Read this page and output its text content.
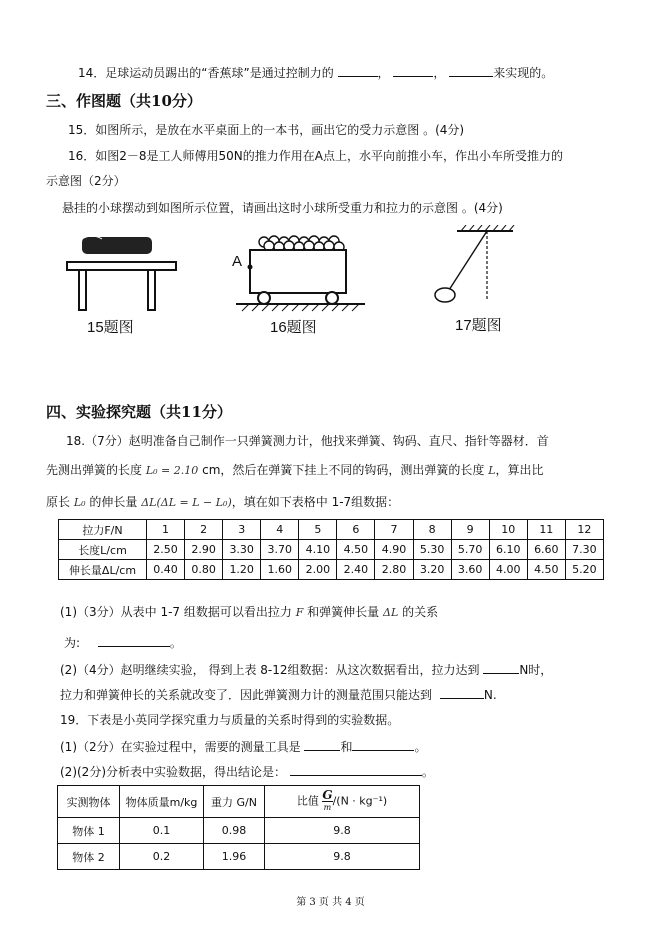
14．足球运动员踢出的“香蕉球”是通过控制力的	，	，	来实现的。
三、作图题（共10分）
15．如图所示，是放在水平桌面上的一本书，画出它的受力示意图 。(4分)
16．如图2－8是工人师傅用50N的推力作用在A点上，水平向前推小车，作出小车所受推力的
示意图（2分）
悬挂的小球摆动到如图所示位置，请画出这时小球所受重力和拉力的示意图 。(4分)
A
15题图	16题图	17题图
四、实验探究题（共11分）
18.（7分）赵明准备自己制作一只弹簧测力计，他找来弹簧、钩码、直尺、指针等器材．首
先测出弹簧的长度 L₀ = 2.10 cm，然后在弹簧下挂上不同的钩码，测出弹簧的长度 L，算出比
原长 L₀ 的伸长量 ΔL(ΔL = L − L₀)，填在如下表格中 1-7组数据：
拉力F/N	1	2	3	4	5	6	7	8	9	10	11	12
长度L/cm	2.50	2.90	3.30	3.70	4.10	4.50	4.90	5.30	5.70	6.10	6.60	7.30
伸长量ΔL/cm	0.40	0.80	1.20	1.60	2.00	2.40	2.80	3.20	3.60	4.00	4.50	5.20
(1)（3分）从表中 1-7 组数据可以看出拉力 F 和弹簧伸长量 ΔL 的关系
为:	。
(2)（4分）赵明继续实验， 得到上表 8-12组数据：从这次数据看出，拉力达到	N时，
拉力和弹簧伸长的关系就改变了．因此弹簧测力计的测量范围只能达到	N.
19．下表是小英同学探究重力与质量的关系时得到的实验数据。
(1)（2分）在实验过程中，需要的测量工具是	和	。
(2)(2分)分析表中实验数据，得出结论是：	。
实测物体	物体质量m/kg	重力 G/N	比值 $\frac{G}{m} /(N \cdot kg^{-1})$
物体 1	0.1	0.98	9.8
物体 2	0.2	1.96	9.8
第 3 页 共 4 页
